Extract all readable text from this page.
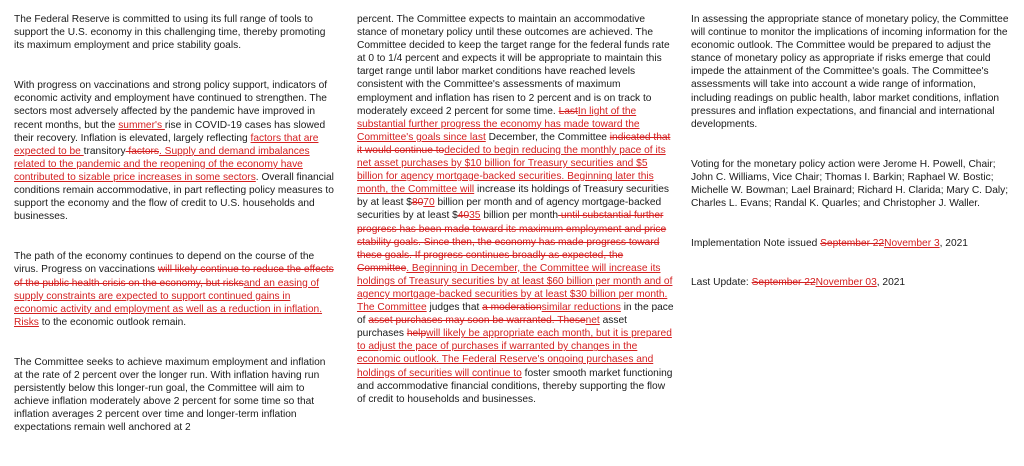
The Federal Reserve is committed to using its full range of tools to support the U.S. economy in this challenging time, thereby promoting its maximum employment and price stability goals.

With progress on vaccinations and strong policy support, indicators of economic activity and employment have continued to strengthen. The sectors most adversely affected by the pandemic have improved in recent months, but the summer's rise in COVID-19 cases has slowed their recovery. Inflation is elevated, largely reflecting factors that are expected to be transitory factors. Supply and demand imbalances related to the pandemic and the reopening of the economy have contributed to sizable price increases in some sectors. Overall financial conditions remain accommodative, in part reflecting policy measures to support the economy and the flow of credit to U.S. households and businesses.

The path of the economy continues to depend on the course of the virus. Progress on vaccinations will likely continue to reduce the effects of the public health crisis on the economy, but risksand an easing of supply constraints are expected to support continued gains in economic activity and employment as well as a reduction in inflation. Risks to the economic outlook remain.

The Committee seeks to achieve maximum employment and inflation at the rate of 2 percent over the longer run. With inflation having run persistently below this longer-run goal, the Committee will aim to achieve inflation moderately above 2 percent for some time so that inflation averages 2 percent over time and longer-term inflation expectations remain well anchored at 2

percent. The Committee expects to maintain an accommodative stance of monetary policy until these outcomes are achieved. The Committee decided to keep the target range for the federal funds rate at 0 to 1/4 percent and expects it will be appropriate to maintain this target range until labor market conditions have reached levels consistent with the Committee's assessments of maximum employment and inflation has risen to 2 percent and is on track to moderately exceed 2 percent for some time. LastIn light of the substantial further progress the economy has made toward the Committee's goals since last December, the Committee indicated that it would continue todecided to begin reducing the monthly pace of its net asset purchases by $10 billion for Treasury securities and $5 billion for agency mortgage-backed securities. Beginning later this month, the Committee will increase its holdings of Treasury securities by at least $8070 billion per month and of agency mortgage-backed securities by at least $4035 billion per month until substantial further progress has been made toward its maximum employment and price stability goals. Since then, the economy has made progress toward these goals. If progress continues broadly as expected, the Committee. Beginning in December, the Committee will increase its holdings of Treasury securities by at least $60 billion per month and of agency mortgage-backed securities by at least $30 billion per month. The Committee judges that a moderationsimilar reductions in the pace of asset purchases may soon be warranted. Thesenet asset purchases helpwill likely be appropriate each month, but it is prepared to adjust the pace of purchases if warranted by changes in the economic outlook. The Federal Reserve's ongoing purchases and holdings of securities will continue to foster smooth market functioning and accommodative financial conditions, thereby supporting the flow of credit to households and businesses.

In assessing the appropriate stance of monetary policy, the Committee will continue to monitor the implications of incoming information for the economic outlook. The Committee would be prepared to adjust the stance of monetary policy as appropriate if risks emerge that could impede the attainment of the Committee's goals. The Committee's assessments will take into account a wide range of information, including readings on public health, labor market conditions, inflation pressures and inflation expectations, and financial and international developments.

Voting for the monetary policy action were Jerome H. Powell, Chair; John C. Williams, Vice Chair; Thomas I. Barkin; Raphael W. Bostic; Michelle W. Bowman; Lael Brainard; Richard H. Clarida; Mary C. Daly; Charles L. Evans; Randal K. Quarles; and Christopher J. Waller.

Implementation Note issued September 22November 3, 2021

Last Update: September 22November 03, 2021
